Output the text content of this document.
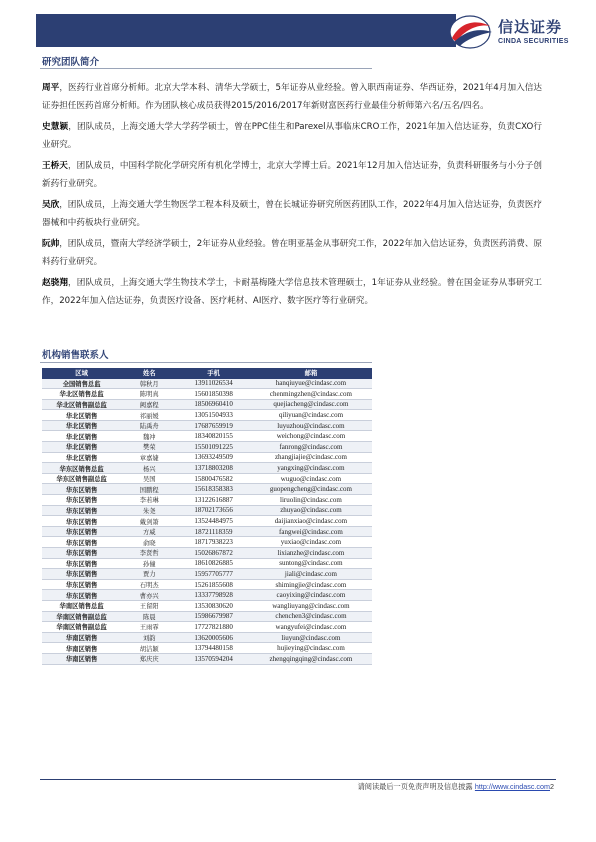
信达证券
CINDA SECURITIES
研究团队简介

周平，医药行业首席分析师。北京大学本科、清华大学硕士，5年证券从业经验。曾入职西南证券、华西证券，2021年4月加入信达证券担任医药首席分析师。作为团队核心成员获得2015/2016/2017年新财富医药行业最佳分析师第六名/五名/四名。

史慧颖，团队成员，上海交通大学大学药学硕士，曾在PPC佳生和Parexel从事临床CRO工作，2021年加入信达证券，负责CXO行业研究。

王桥天，团队成员，中国科学院化学研究所有机化学博士，北京大学博士后。2021年12月加入信达证券，负责科研服务与小分子创新药行业研究。

吴欣，团队成员，上海交通大学生物医学工程本科及硕士，曾在长城证券研究所医药团队工作，2022年4月加入信达证券，负责医疗器械和中药板块行业研究。

阮帅，团队成员，暨南大学经济学硕士，2年证券从业经验。曾在明亚基金从事研究工作，2022年加入信达证券，负责医药消费、原料药行业研究。

赵骁翔，团队成员，上海交通大学生物技术学士，卡耐基梅隆大学信息技术管理硕士，1年证券从业经验。曾在国金证券从事研究工作，2022年加入信达证券，负责医疗设备、医疗耗材、AI医疗、数字医疗等行业研究。

机构销售联系人
区域	姓名	手机	邮箱
全国销售总监	韩秋月	13911026534	hanqiuyue@cindasc.com
华北区销售总监	陈明真	15601850398	chenmingzhen@cindasc.com
华北区销售副总监	阙嘉程	18506960410	quejiacheng@cindasc.com
华北区销售	祁丽媛	13051504933	qiliyuan@cindasc.com
华北区销售	陆禹舟	17687659919	luyuzhou@cindasc.com
华北区销售	魏冲	18340820155	weichong@cindasc.com
华北区销售	樊荣	15501091225	fanrong@cindasc.com
华北区销售	章嘉婕	13693249509	zhangjiajie@cindasc.com
华东区销售总监	杨兴	13718803208	yangxing@cindasc.com
华东区销售副总监	吴国	15800476582	wuguo@cindasc.com
华东区销售	国鹏程	15618358383	guopengcheng@cindasc.com
华东区销售	李若琳	13122616887	liruolin@cindasc.com
华东区销售	朱尧	18702173656	zhuyao@cindasc.com
华东区销售	戴剑箫	13524484975	daijianxiao@cindasc.com
华东区销售	方威	18721118359	fangwei@cindasc.com
华东区销售	俞晓	18717938223	yuxiao@cindasc.com
华东区销售	李贤哲	15026867872	lixianzhe@cindasc.com
华东区销售	孙僮	18610826885	suntong@cindasc.com
华东区销售	贾力	15957705777	jiali@cindasc.com
华东区销售	石明杰	15261855608	shimingjie@cindasc.com
华东区销售	曹亦兴	13337798928	caoyixing@cindasc.com
华南区销售总监	王留阳	13530830620	wangliuyang@cindasc.com
华南区销售副总监	陈晨	15986679987	chenchen3@cindasc.com
华南区销售副总监	王雨霏	17727821880	wangyufei@cindasc.com
华南区销售	刘韵	13620005606	liuyun@cindasc.com
华南区销售	胡洁颖	13794480158	hujieying@cindasc.com
华南区销售	郑庆庆	13570594204	zhengqingqing@cindasc.com
请阅读最后一页免责声明及信息披露 http://www.cindasc.com2
